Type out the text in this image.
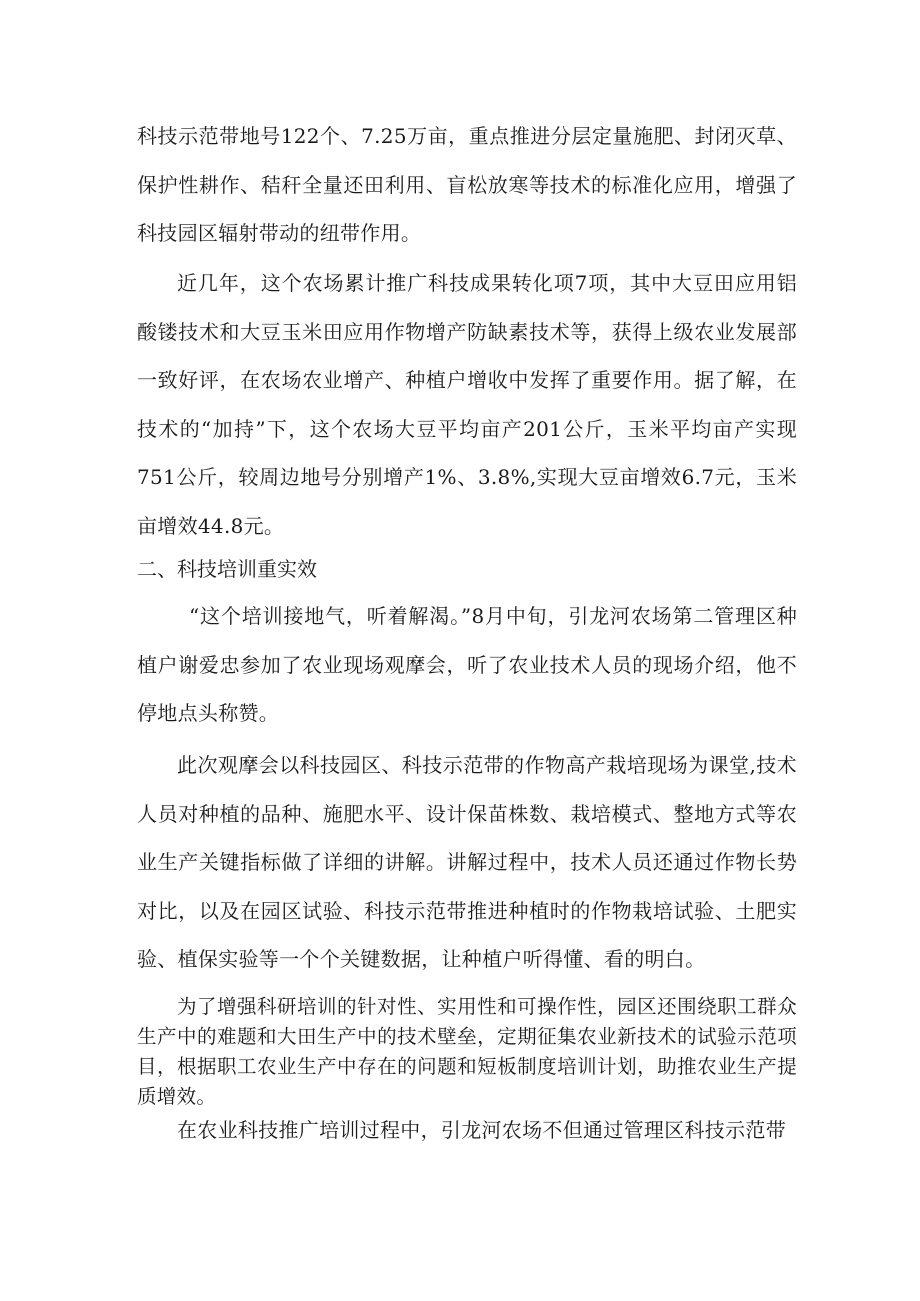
科技示范带地号122个、7.25万亩，重点推进分层定量施肥、封闭灭草、保护性耕作、秸秆全量还田利用、盲松放寒等技术的标准化应用，增强了科技园区辐射带动的纽带作用。

近几年，这个农场累计推广科技成果转化项7项，其中大豆田应用铝酸镂技术和大豆玉米田应用作物增产防缺素技术等，获得上级农业发展部一致好评，在农场农业增产、种植户增收中发挥了重要作用。据了解，在技术的“加持”下，这个农场大豆平均亩产201公斤，玉米平均亩产实现751公斤，较周边地号分别增产1%、3.8%,实现大豆亩增效6.7元，玉米亩增效44.8元。

二、科技培训重实效

“这个培训接地气，听着解渴。”8月中旬，引龙河农场第二管理区种植户谢爱忠参加了农业现场观摩会，听了农业技术人员的现场介绍，他不停地点头称赞。

此次观摩会以科技园区、科技示范带的作物高产栽培现场为课堂,技术人员对种植的品种、施肥水平、设计保苗株数、栽培模式、整地方式等农业生产关键指标做了详细的讲解。讲解过程中，技术人员还通过作物长势对比，以及在园区试验、科技示范带推进种植时的作物栽培试验、土肥实验、植保实验等一个个关键数据，让种植户听得懂、看的明白。

为了增强科研培训的针对性、实用性和可操作性，园区还围绕职工群众生产中的难题和大田生产中的技术壁垒，定期征集农业新技术的试验示范项目，根据职工农业生产中存在的问题和短板制度培训计划，助推农业生产提质增效。

在农业科技推广培训过程中，引龙河农场不但通过管理区科技示范带
